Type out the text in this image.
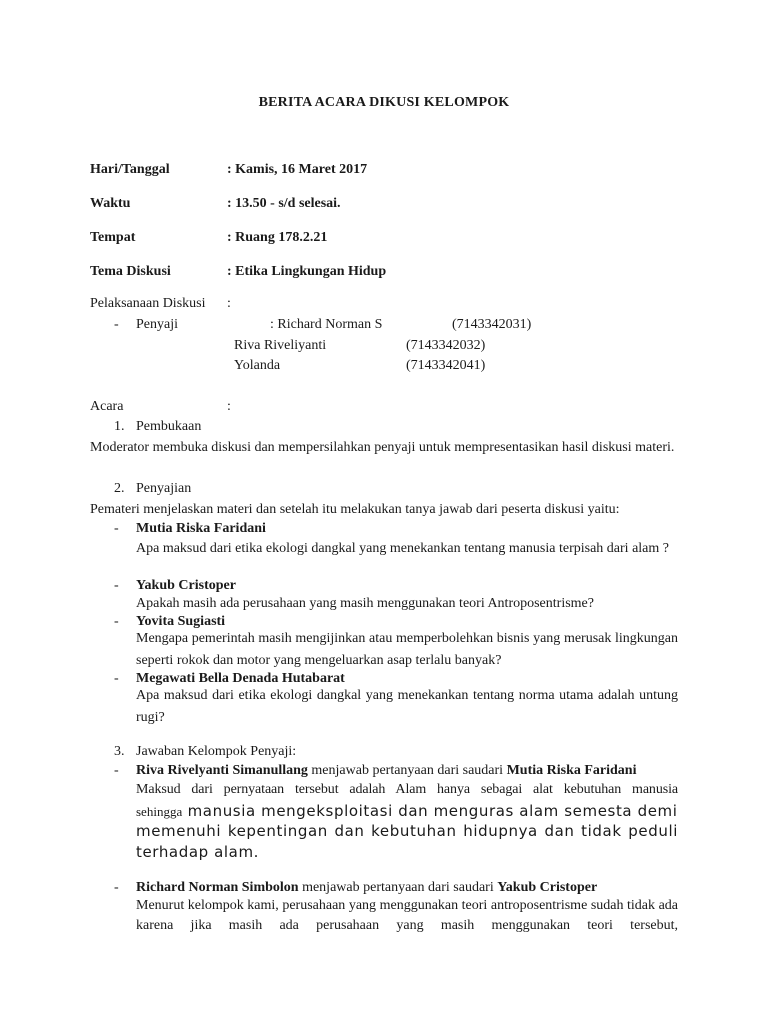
BERITA ACARA DIKUSI KELOMPOK
Hari/Tanggal	: Kamis, 16 Maret 2017
Waktu	: 13.50 - s/d selesai.
Tempat	: Ruang 178.2.21
Tema Diskusi	: Etika Lingkungan Hidup
Pelaksanaan Diskusi :
- Penyaji	: Richard Norman S	(7143342031)
Riva Riveliyanti	(7143342032)
Yolanda	(7143342041)
Acara	:
1. Pembukaan
Moderator membuka diskusi dan mempersilahkan penyaji untuk mempresentasikan hasil diskusi materi.
2. Penyajian
Pemateri menjelaskan materi dan setelah itu melakukan tanya jawab dari peserta diskusi yaitu:
- Mutia Riska Faridani
Apa maksud dari etika ekologi dangkal yang menekankan tentang manusia terpisah dari alam ?
- Yakub Cristoper
Apakah masih ada perusahaan yang masih menggunakan teori Antroposentrisme?
- Yovita Sugiasti
Mengapa pemerintah masih mengijinkan atau memperbolehkan bisnis yang merusak lingkungan seperti rokok dan motor yang mengeluarkan asap terlalu banyak?
- Megawati Bella Denada Hutabarat
Apa maksud dari etika ekologi dangkal yang menekankan tentang norma utama adalah untung rugi?
3. Jawaban Kelompok Penyaji:
- Riva Rivelyanti Simanullang menjawab pertanyaan dari saudari Mutia Riska Faridani
Maksud dari pernyataan tersebut adalah Alam hanya sebagai alat kebutuhan manusia
sehingga manusia mengeksploitasi dan menguras alam semesta demi
memenuhi kepentingan dan kebutuhan hidupnya dan tidak peduli
terhadap alam.
- Richard Norman Simbolon menjawab pertanyaan dari saudari Yakub Cristoper
Menurut kelompok kami, perusahaan yang menggunakan teori antroposentrisme sudah tidak ada karena jika masih ada perusahaan yang masih menggunakan teori tersebut,
